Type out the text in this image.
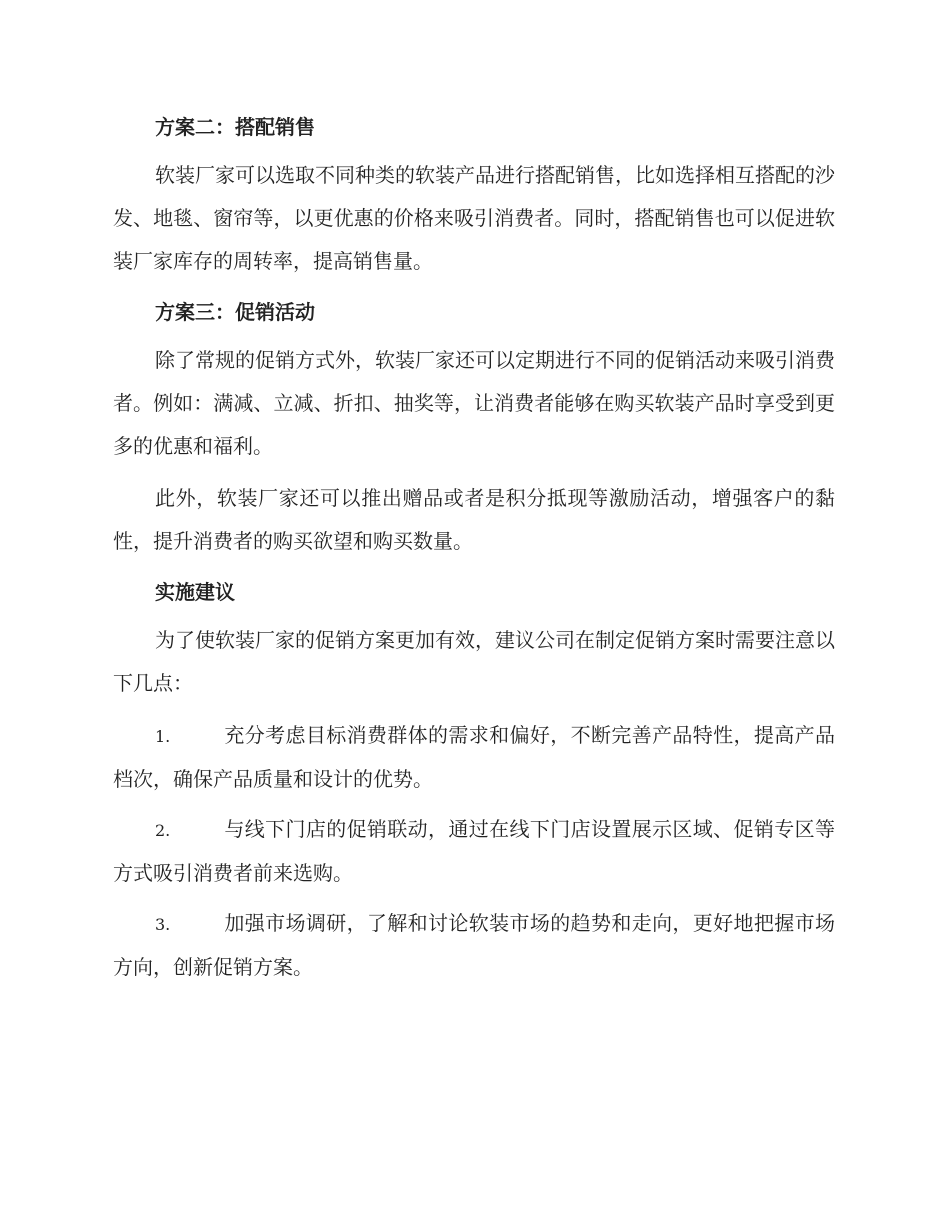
方案二：搭配销售

软装厂家可以选取不同种类的软装产品进行搭配销售，比如选择相互搭配的沙发、地毯、窗帘等，以更优惠的价格来吸引消费者。同时，搭配销售也可以促进软装厂家库存的周转率，提高销售量。

方案三：促销活动

除了常规的促销方式外，软装厂家还可以定期进行不同的促销活动来吸引消费者。例如：满减、立减、折扣、抽奖等，让消费者能够在购买软装产品时享受到更多的优惠和福利。

此外，软装厂家还可以推出赠品或者是积分抵现等激励活动，增强客户的黏性，提升消费者的购买欲望和购买数量。

实施建议

为了使软装厂家的促销方案更加有效，建议公司在制定促销方案时需要注意以下几点：

1.	充分考虑目标消费群体的需求和偏好，不断完善产品特性，提高产品档次，确保产品质量和设计的优势。

2.	与线下门店的促销联动，通过在线下门店设置展示区域、促销专区等方式吸引消费者前来选购。

3.	加强市场调研，了解和讨论软装市场的趋势和走向，更好地把握市场方向，创新促销方案。
